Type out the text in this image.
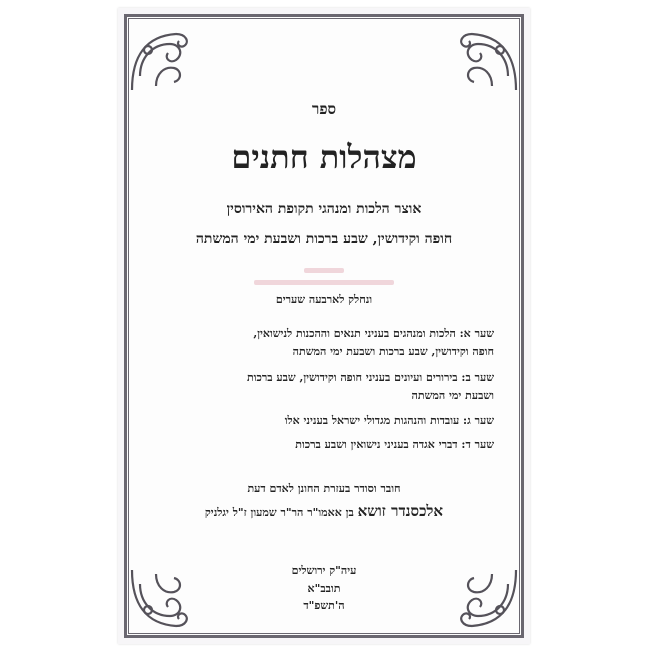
ספר
מצהלות חתנים
אוצר הלכות ומנהגי תקופת האירוסין
חופה וקידושין, שבע ברכות ושבעת ימי המשתה
ונחלק לארבעה שערים
שער א: הלכות ומנהגים בעניני תנאים וההכנות לנישואין,
חופה וקידושין, שבע ברכות ושבעת ימי המשתה
שער ב: בירורים ועיונים בעניני חופה וקידושין, שבע ברכות
ושבעת ימי המשתה
שער ג: עובדות והנהגות מגדולי ישראל בעניני אלו
שער ד: דברי אגדה בעניני נישואין ושבע ברכות
חובר וסודר בעזרת החונן לאדם דעת
אלכסנדר זושא בן אאמו"ר הר"ר שמעון ז"ל יגלניק
עיה"ק ירושלים
תובב"א
ה'תשפ"ד
